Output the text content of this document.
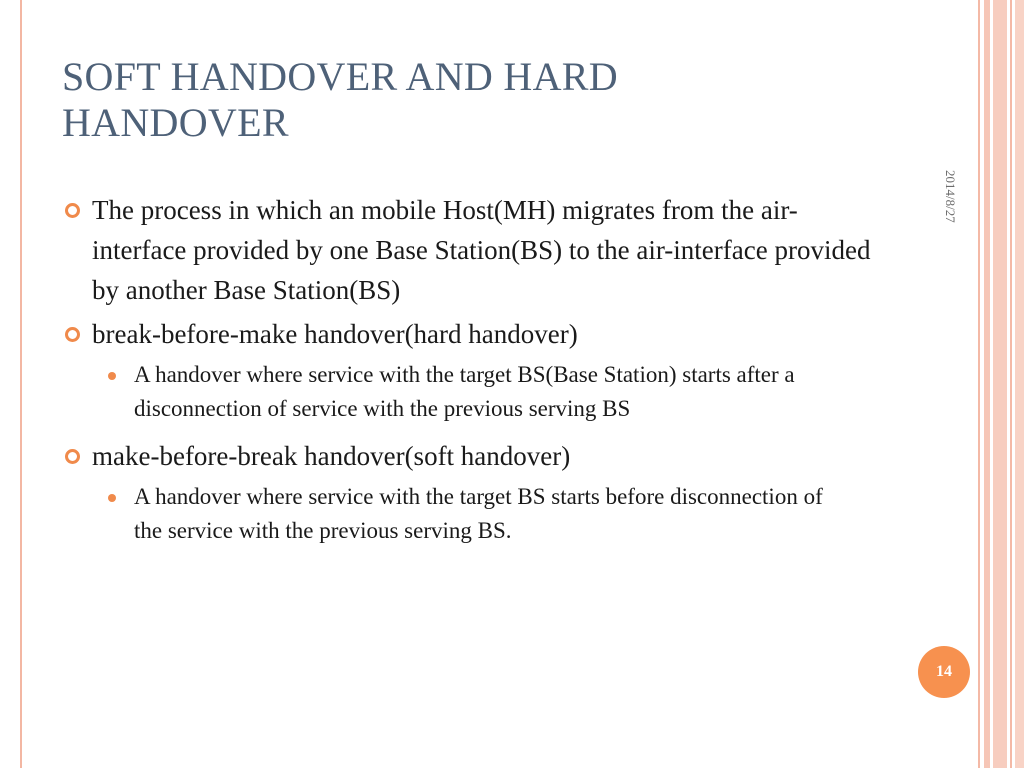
SOFT HANDOVER AND HARD HANDOVER
2014/8/27
The process in which an mobile Host(MH) migrates from the air-interface provided by one Base Station(BS) to the air-interface provided by another Base Station(BS)
break-before-make handover(hard handover)
A handover where service with the target BS(Base Station) starts after a disconnection of service with the previous serving BS
make-before-break handover(soft handover)
A handover where service with the target BS starts before disconnection of the service with the previous serving BS.
14
